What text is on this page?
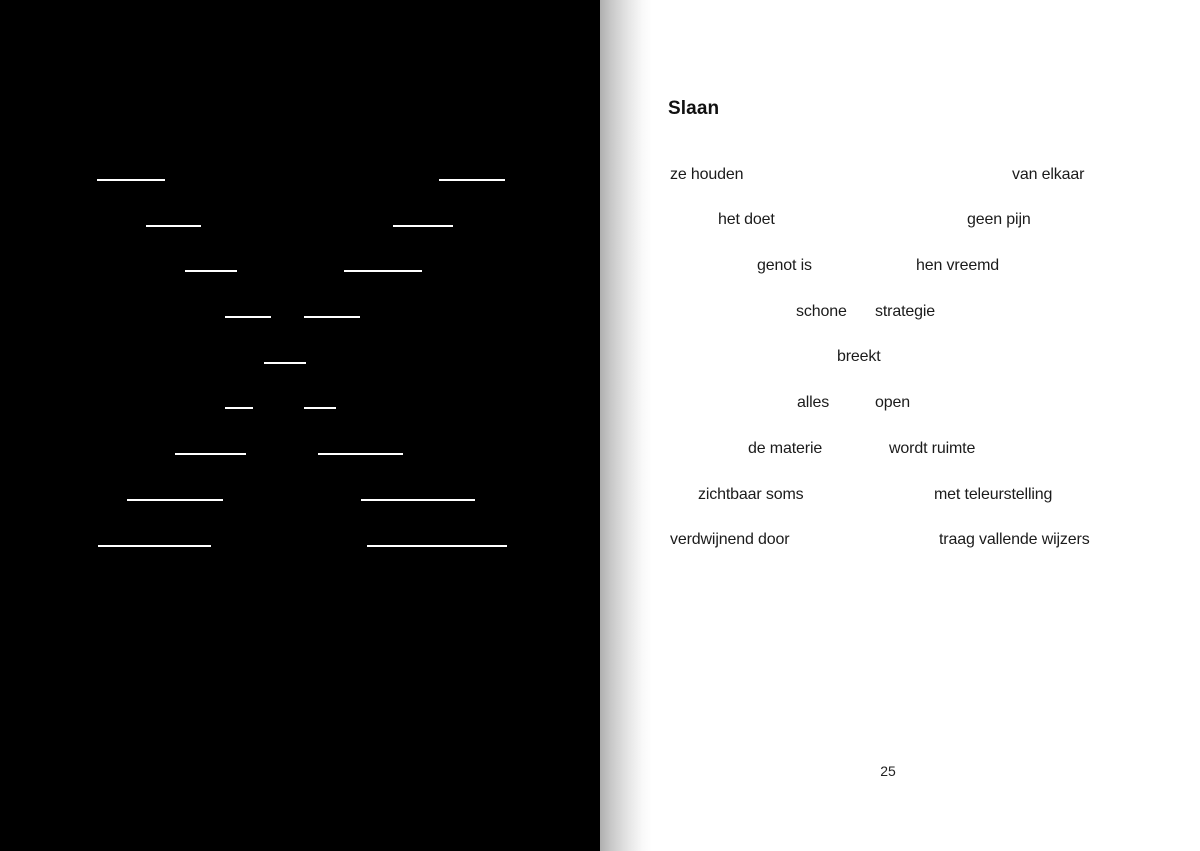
Slaan
ze houden	van elkaar
het doet	geen pijn
genot is	hen vreemd
schone strategie
breekt
alles	open
de materie	wordt ruimte
zichtbaar soms	met teleurstelling
verdwijnend door	traag vallende wijzers
25
